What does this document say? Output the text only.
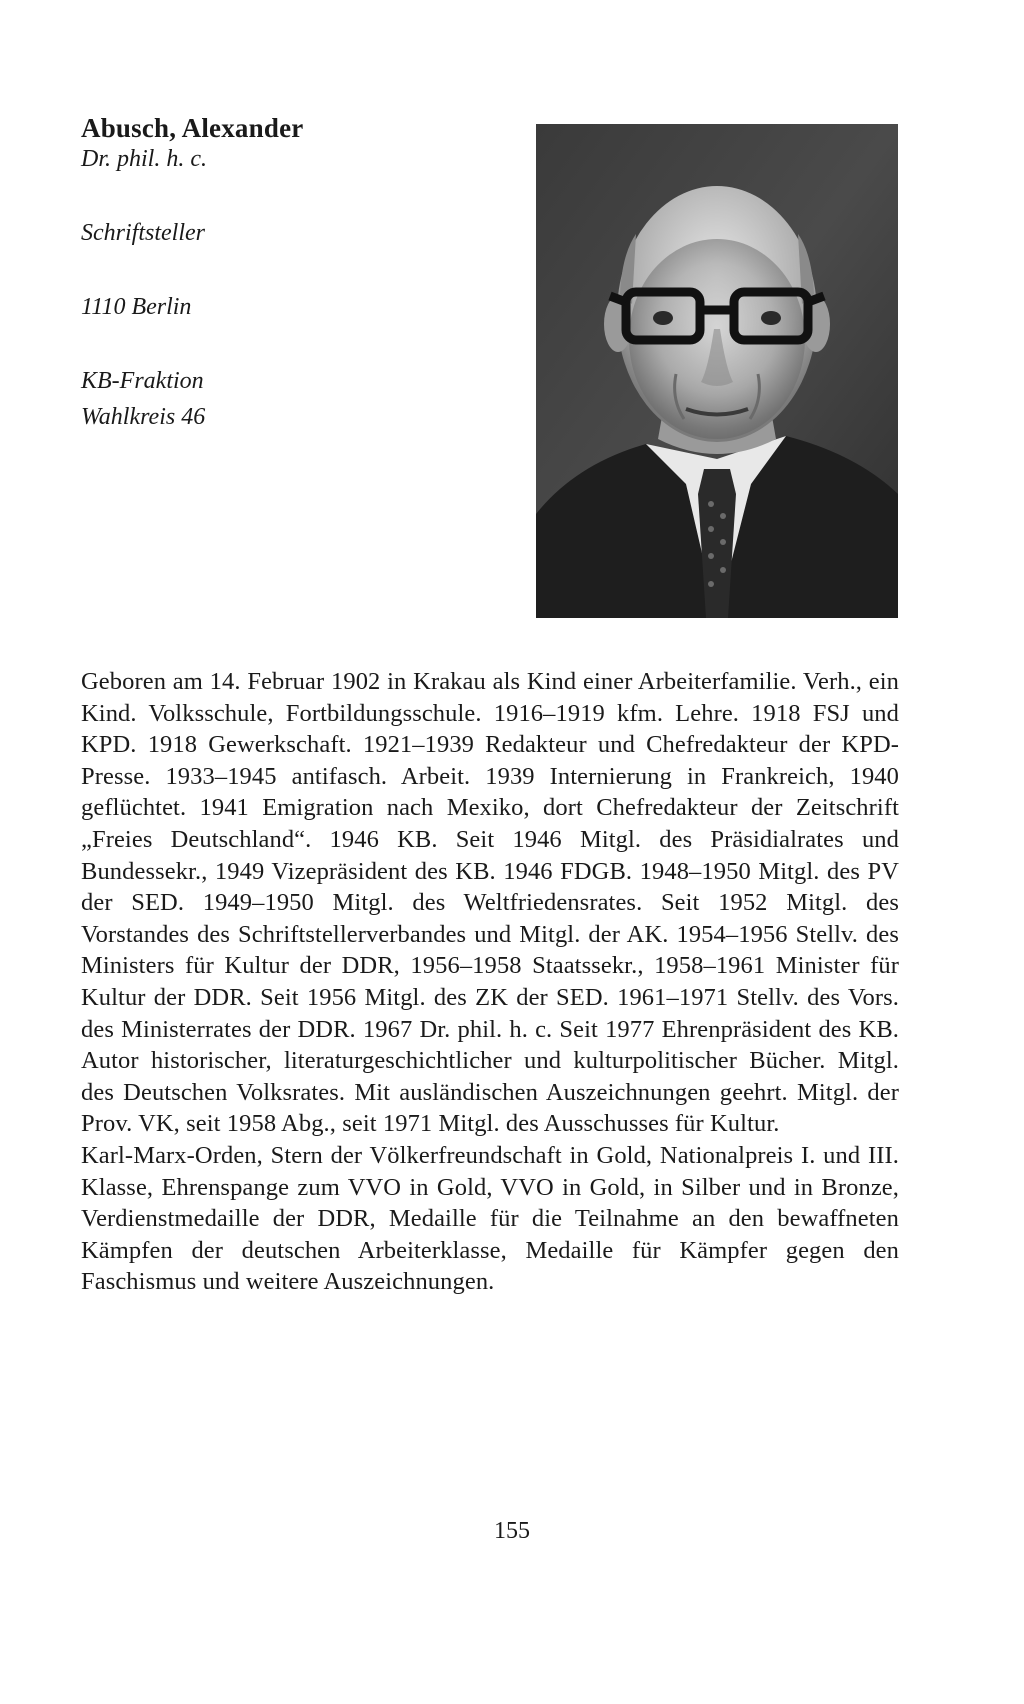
Abusch, Alexander

Dr. phil. h. c.

Schriftsteller

1110 Berlin

KB-Fraktion

Wahlkreis 46

Geboren am 14. Februar 1902 in Krakau als Kind einer Arbeiterfamilie. Verh., ein Kind. Volksschule, Fortbildungsschule. 1916–1919 kfm. Lehre. 1918 FSJ und KPD. 1918 Gewerkschaft. 1921–1939 Redakteur und Chefredakteur der KPD-Presse. 1933–1945 antifasch. Arbeit. 1939 Internierung in Frankreich, 1940 geflüchtet. 1941 Emigration nach Mexiko, dort Chefredakteur der Zeitschrift „Freies Deutschland“. 1946 KB. Seit 1946 Mitgl. des Präsidialrates und Bundessekr., 1949 Vizepräsident des KB. 1946 FDGB. 1948–1950 Mitgl. des PV der SED. 1949–1950 Mitgl. des Weltfriedensrates. Seit 1952 Mitgl. des Vorstandes des Schriftstellerverbandes und Mitgl. der AK. 1954–1956 Stellv. des Ministers für Kultur der DDR, 1956–1958 Staatssekr., 1958–1961 Minister für Kultur der DDR. Seit 1956 Mitgl. des ZK der SED. 1961–1971 Stellv. des Vors. des Ministerrates der DDR. 1967 Dr. phil. h. c. Seit 1977 Ehrenpräsident des KB. Autor historischer, literaturgeschichtlicher und kulturpolitischer Bücher. Mitgl. des Deutschen Volksrates. Mit ausländischen Auszeichnungen geehrt. Mitgl. der Prov. VK, seit 1958 Abg., seit 1971 Mitgl. des Ausschusses für Kultur.

Karl-Marx-Orden, Stern der Völkerfreundschaft in Gold, Nationalpreis I. und III. Klasse, Ehrenspange zum VVO in Gold, VVO in Gold, in Silber und in Bronze, Verdienstmedaille der DDR, Medaille für die Teilnahme an den bewaffneten Kämpfen der deutschen Arbeiterklasse, Medaille für Kämpfer gegen den Faschismus und weitere Auszeichnungen.

155
